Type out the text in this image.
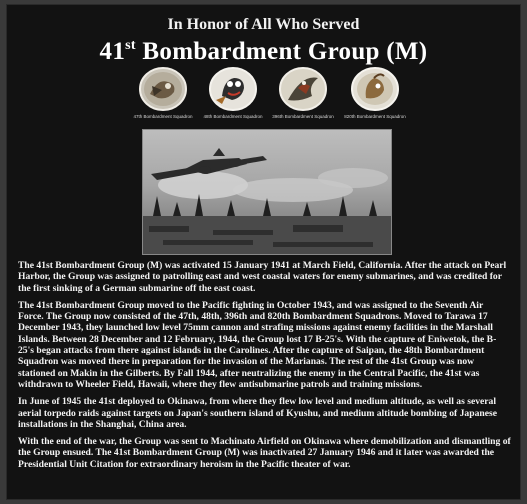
In Honor of All Who Served
41st Bombardment Group (M)
47th Bombardment Squadron	48th Bombardment Squadron	396th Bombardment Squadron 820th Bombardment Squadron

The 41st Bombardment Group (M) was activated 15 January 1941 at March Field, California. After the attack on Pearl Harbor, the Group was assigned to patrolling east and west coastal waters for enemy submarines, and was credited for the first sinking of a German submarine off the east coast.

The 41st Bombardment Group moved to the Pacific fighting in October 1943, and was assigned to the Seventh Air Force. The Group now consisted of the 47th, 48th, 396th and 820th Bombardment Squadrons. Moved to Tarawa 17 December 1943, they launched low level 75mm cannon and strafing missions against enemy facilities in the Marshall Islands. Between 28 December and 12 February, 1944, the Group lost 17 B-25's. With the capture of Eniwetok, the B-25's began attacks from there against islands in the Carolines. After the capture of Saipan, the 48th Bombardment Squadron was moved there in preparation for the invasion of the Marianas. The rest of the 41st Group was now stationed on Makin in the Gilberts. By Fall 1944, after neutralizing the enemy in the Central Pacific, the 41st was withdrawn to Wheeler Field, Hawaii, where they flew antisubmarine patrols and training missions.

In June of 1945 the 41st deployed to Okinawa, from where they flew low level and medium altitude, as well as several aerial torpedo raids against targets on Japan's southern island of Kyushu, and medium altitude bombing of Japanese installations in the Shanghai, China area.

With the end of the war, the Group was sent to Machinato Airfield on Okinawa where demobilization and dismantling of the Group ensued. The 41st Bombardment Group (M) was inactivated 27 January 1946 and it later was awarded the Presidential Unit Citation for extraordinary heroism in the Pacific theater of war.
